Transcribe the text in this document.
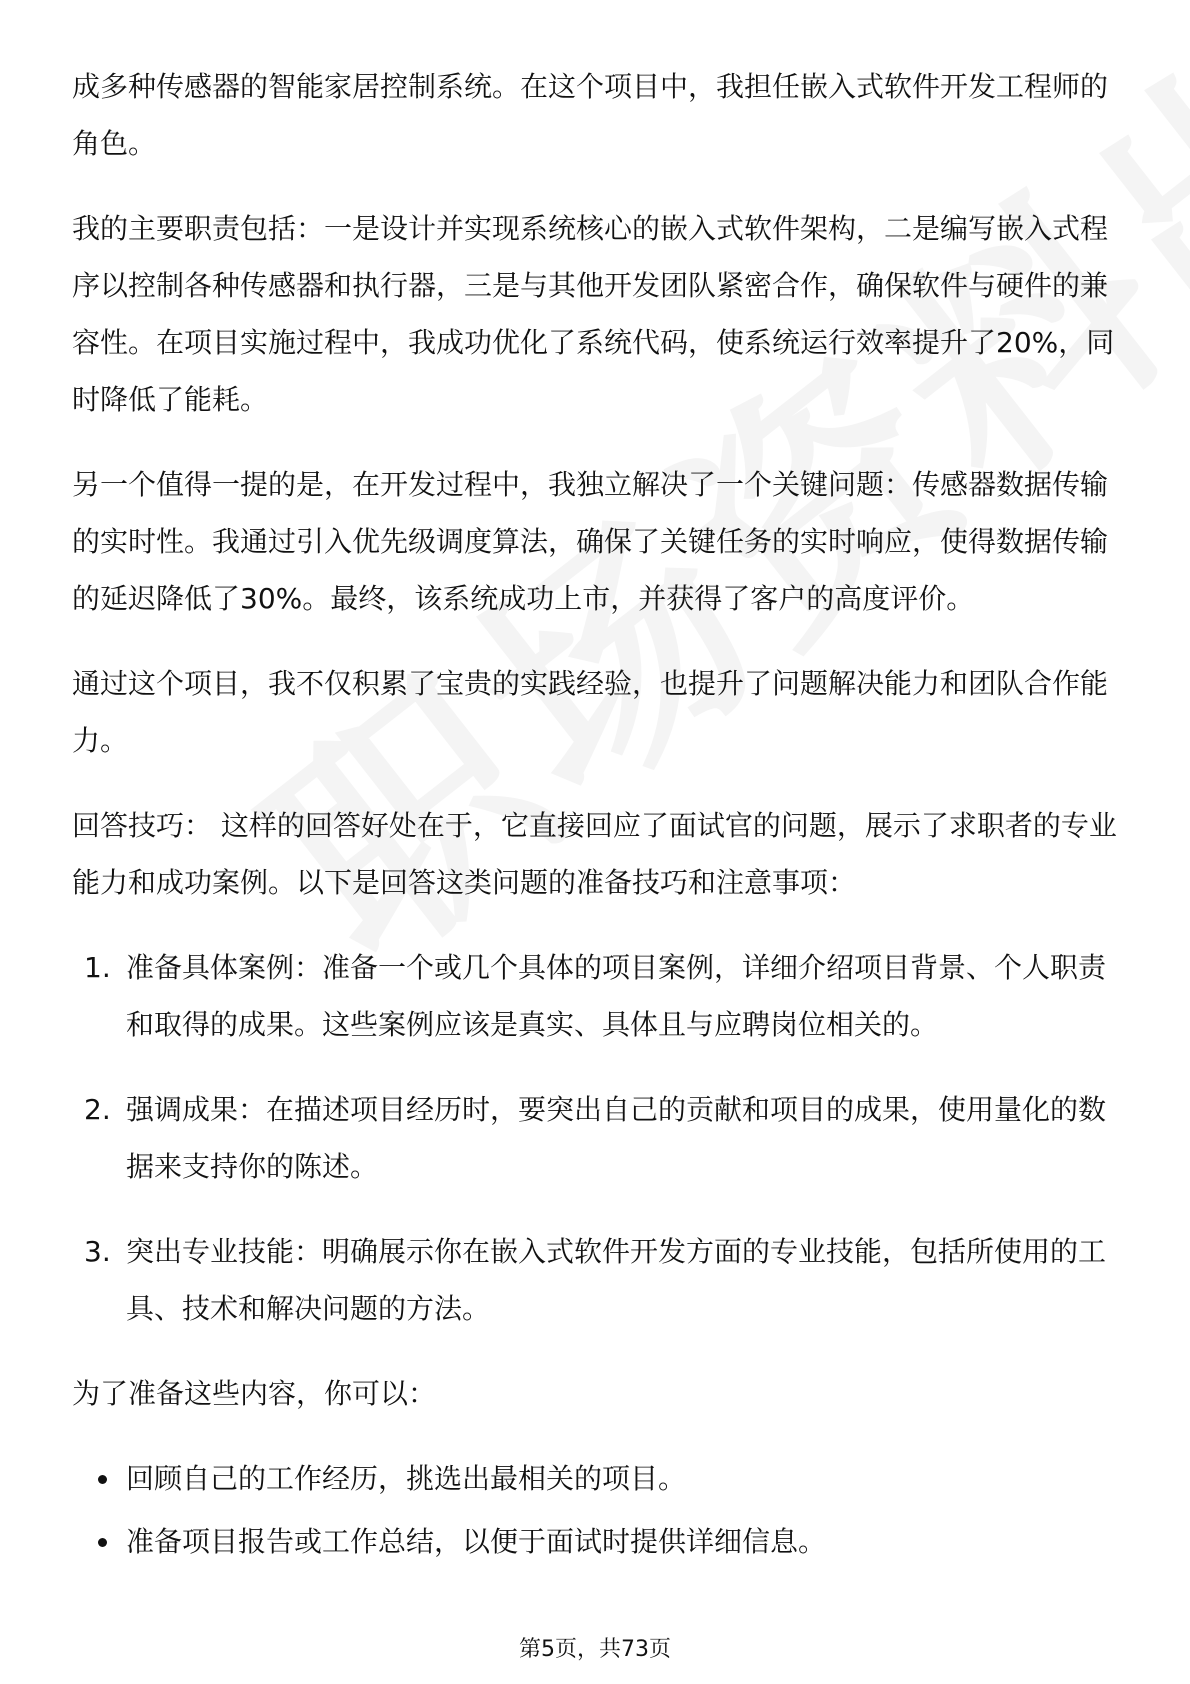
成多种传感器的智能家居控制系统。在这个项目中，我担任嵌入式软件开发工程师的角色。

我的主要职责包括：一是设计并实现系统核心的嵌入式软件架构，二是编写嵌入式程序以控制各种传感器和执行器，三是与其他开发团队紧密合作，确保软件与硬件的兼容性。在项目实施过程中，我成功优化了系统代码，使系统运行效率提升了20%，同时降低了能耗。

另一个值得一提的是，在开发过程中，我独立解决了一个关键问题：传感器数据传输的实时性。我通过引入优先级调度算法，确保了关键任务的实时响应，使得数据传输的延迟降低了30%。最终，该系统成功上市，并获得了客户的高度评价。

通过这个项目，我不仅积累了宝贵的实践经验，也提升了问题解决能力和团队合作能力。

回答技巧： 这样的回答好处在于，它直接回应了面试官的问题，展示了求职者的专业能力和成功案例。以下是回答这类问题的准备技巧和注意事项：

1. 准备具体案例：准备一个或几个具体的项目案例，详细介绍项目背景、个人职责和取得的成果。这些案例应该是真实、具体且与应聘岗位相关的。
2. 强调成果：在描述项目经历时，要突出自己的贡献和项目的成果，使用量化的数据来支持你的陈述。
3. 突出专业技能：明确展示你在嵌入式软件开发方面的专业技能，包括所使用的工具、技术和解决问题的方法。

为了准备这些内容，你可以：

回顾自己的工作经历，挑选出最相关的项目。
准备项目报告或工作总结，以便于面试时提供详细信息。
第5页，共73页
